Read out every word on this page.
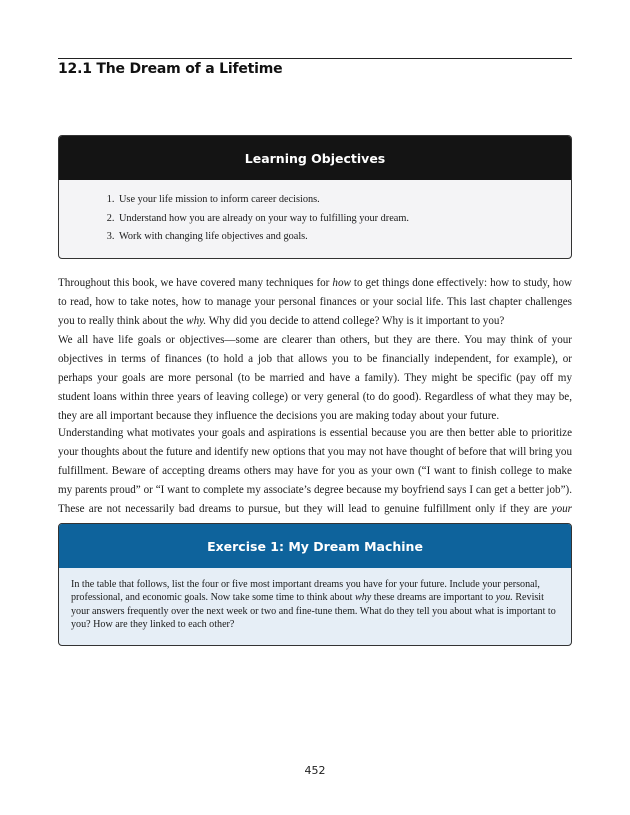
12.1 The Dream of a Lifetime
Learning Objectives
1. Use your life mission to inform career decisions.
2. Understand how you are already on your way to fulfilling your dream.
3. Work with changing life objectives and goals.

Throughout this book, we have covered many techniques for how to get things done effectively: how to study, how to read, how to take notes, how to manage your personal finances or your social life. This last chapter challenges you to really think about the why. Why did you decide to attend college? Why is it important to you?

We all have life goals or objectives—some are clearer than others, but they are there. You may think of your objectives in terms of finances (to hold a job that allows you to be financially independent, for example), or perhaps your goals are more personal (to be married and have a family). They might be specific (pay off my student loans within three years of leaving college) or very general (to do good). Regardless of what they may be, they are all important because they influence the decisions you are making today about your future.

Understanding what motivates your goals and aspirations is essential because you are then better able to prioritize your thoughts about the future and identify new options that you may not have thought of before that will bring you fulfillment. Beware of accepting dreams others may have for you as your own (“I want to finish college to make my parents proud” or “I want to complete my associate’s degree because my boyfriend says I can get a better job”). These are not necessarily bad dreams to pursue, but they will lead to genuine fulfillment only if they are your

Exercise 1: My Dream Machine

In the table that follows, list the four or five most important dreams you have for your future. Include your personal, professional, and economic goals. Now take some time to think about why these dreams are important to you. Revisit your answers frequently over the next week or two and fine-tune them. What do they tell you about what is important to you? How are they linked to each other?

452
